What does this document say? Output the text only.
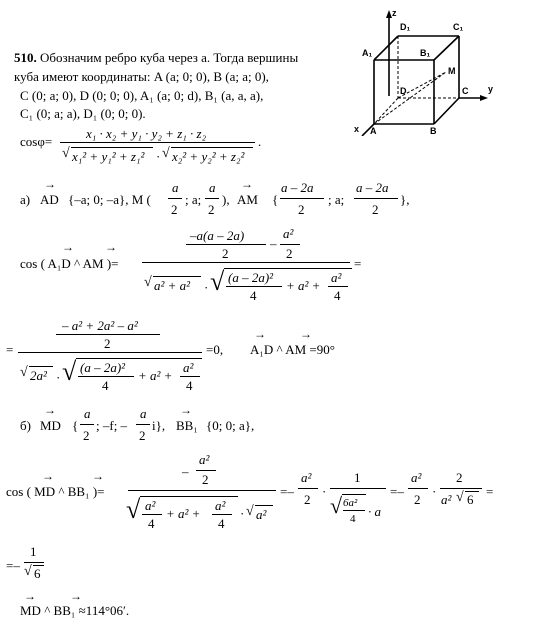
510. Обозначим ребро куба через а. Тогда вершины
куба имеют координаты: A (a; 0; 0), B (a; a; 0),
C (0; a; 0), D (0; 0; 0), A₁ (a; 0; d), B₁ (a, a, a),
C₁ (0; a; a), D₁ (0; 0; 0).
z
D₁	C₁
A₁	B₁
M
D	C y
x A	B
cosφ=
x₁ · x₂ + y₁ · y₂ + z₁ · z₂
√ x₁² + y₁² + z₁² · √ x₂² + y₂² + z₂²
.
а)
→
AD {–a; 0; –a}, M (
a
2
; a;
a
2
),
→
AM {
a – 2a
2
; a;
a – 2a
2
},
→	→
cos ( A₁D ^ AM )=
–a(a – 2a)
2
–
a²
2
√ a² + a² · √ (a – 2a)²
4
+ a² +
a²
4
=
=
– a² + 2a² – a²
2
√ 2a² · √ (a – 2a)²
4
+ a² +
a²
4
=0,
→	→
A₁D ^ AM =90°
б)
→
MD {
a
2
; –f; –
a
2
i},
→
BB₁ {0; 0; a},
→	→
cos ( MD ^ BB₁ )=
–
a²
2
√ a²
4
+ a² +
a²
4
· √ a²
=–
a²
2
·
1
√ 6a²
4 · a
=–
a²
2
·
2
a² √ 6
=
=–
1
√ 6
→	→
MD ^ BB₁ ≈114°06′.
